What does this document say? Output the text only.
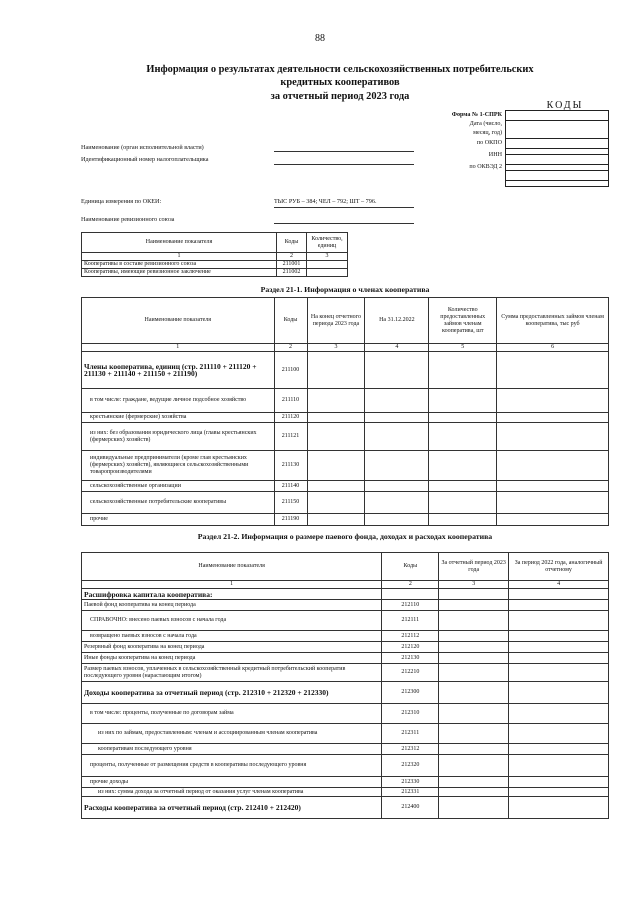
88
Информация о результатах деятельности сельскохозяйственных потребительских
кредитных кооперативов
за отчетный период 2023 года
КОДЫ
Форма № 1-СПРК
Дата (число,
месяц, год)
по ОКПО
ИНН
по ОКВЭД 2

Наименование (орган исполнительной власти)
Идентификационный номер налогоплательщика
Единица измерения по ОКЕИ:	ТЫС РУБ – 384; ЧЕЛ – 792; ШТ – 796.
Наименование ревизионного союза
Наименование показателя	Коды	Количество, единиц
1	2	3
Кооперативы в составе ревизионного союза	211001	
Кооперативы, имеющие ревизионное заключение	211002	
Раздел 21-1. Информация о членах кооператива
Наименование показателя	Коды	На конец отчетного периода 2023 года	На 31.12.2022	Количество предоставленных займов членам кооператива, шт	Сумма предоставленных займов членам кооператива, тыс руб
1	2	3	4	5	6
Члены кооператива, единиц (стр. 211110 + 211120 + 211130 + 211140 + 211150 + 211190)	211100				
в том числе: граждане, ведущие личное подсобное хозяйство	211110				
крестьянские (фермерские) хозяйства	211120				
из них: без образования юридического лица (главы крестьянских (фермерских) хозяйств)	211121				
индивидуальные предприниматели (кроме глав крестьянских (фермерских) хозяйств), являющиеся сельскохозяйственными товаропроизводителями	211130				
сельскохозяйственные организации	211140				
сельскохозяйственные потребительские кооперативы	211150				
прочие	211190				
Раздел 21-2. Информация о размере паевого фонда, доходах и расходах кооператива
Наименование показателя	Коды	За отчетный период 2023 года	За период 2022 года, аналогичный отчетному
1	2	3	4
Расшифровка капитала кооператива:			
Паевой фонд кооператива на конец периода	212110		
СПРАВОЧНО: внесено паевых взносов с начала года	212111		
возвращено паевых взносов с начала года	212112		
Резервный фонд кооператива на конец периода	212120		
Иные фонды кооператива на конец периода	212130		
Размер паевых взносов, уплаченных в сельскохозяйственный кредитный потребительский кооператив последующего уровня (нарастающим итогом)	212210		
Доходы кооператива за отчетный период (стр. 212310 + 212320 + 212330)	212300		
в том числе: проценты, полученные по договорам займа	212310		
из них по займам, предоставленным: членам и ассоциированным членам кооператива	212311		
кооперативам последующего уровня	212312		
проценты, полученные от размещения средств в кооперативы последующего уровня	212320		
прочие доходы	212330		
из них: сумма дохода за отчетный период от оказания услуг членам кооператива	212331		
Расходы кооператива за отчетный период (стр. 212410 + 212420)	212400		
